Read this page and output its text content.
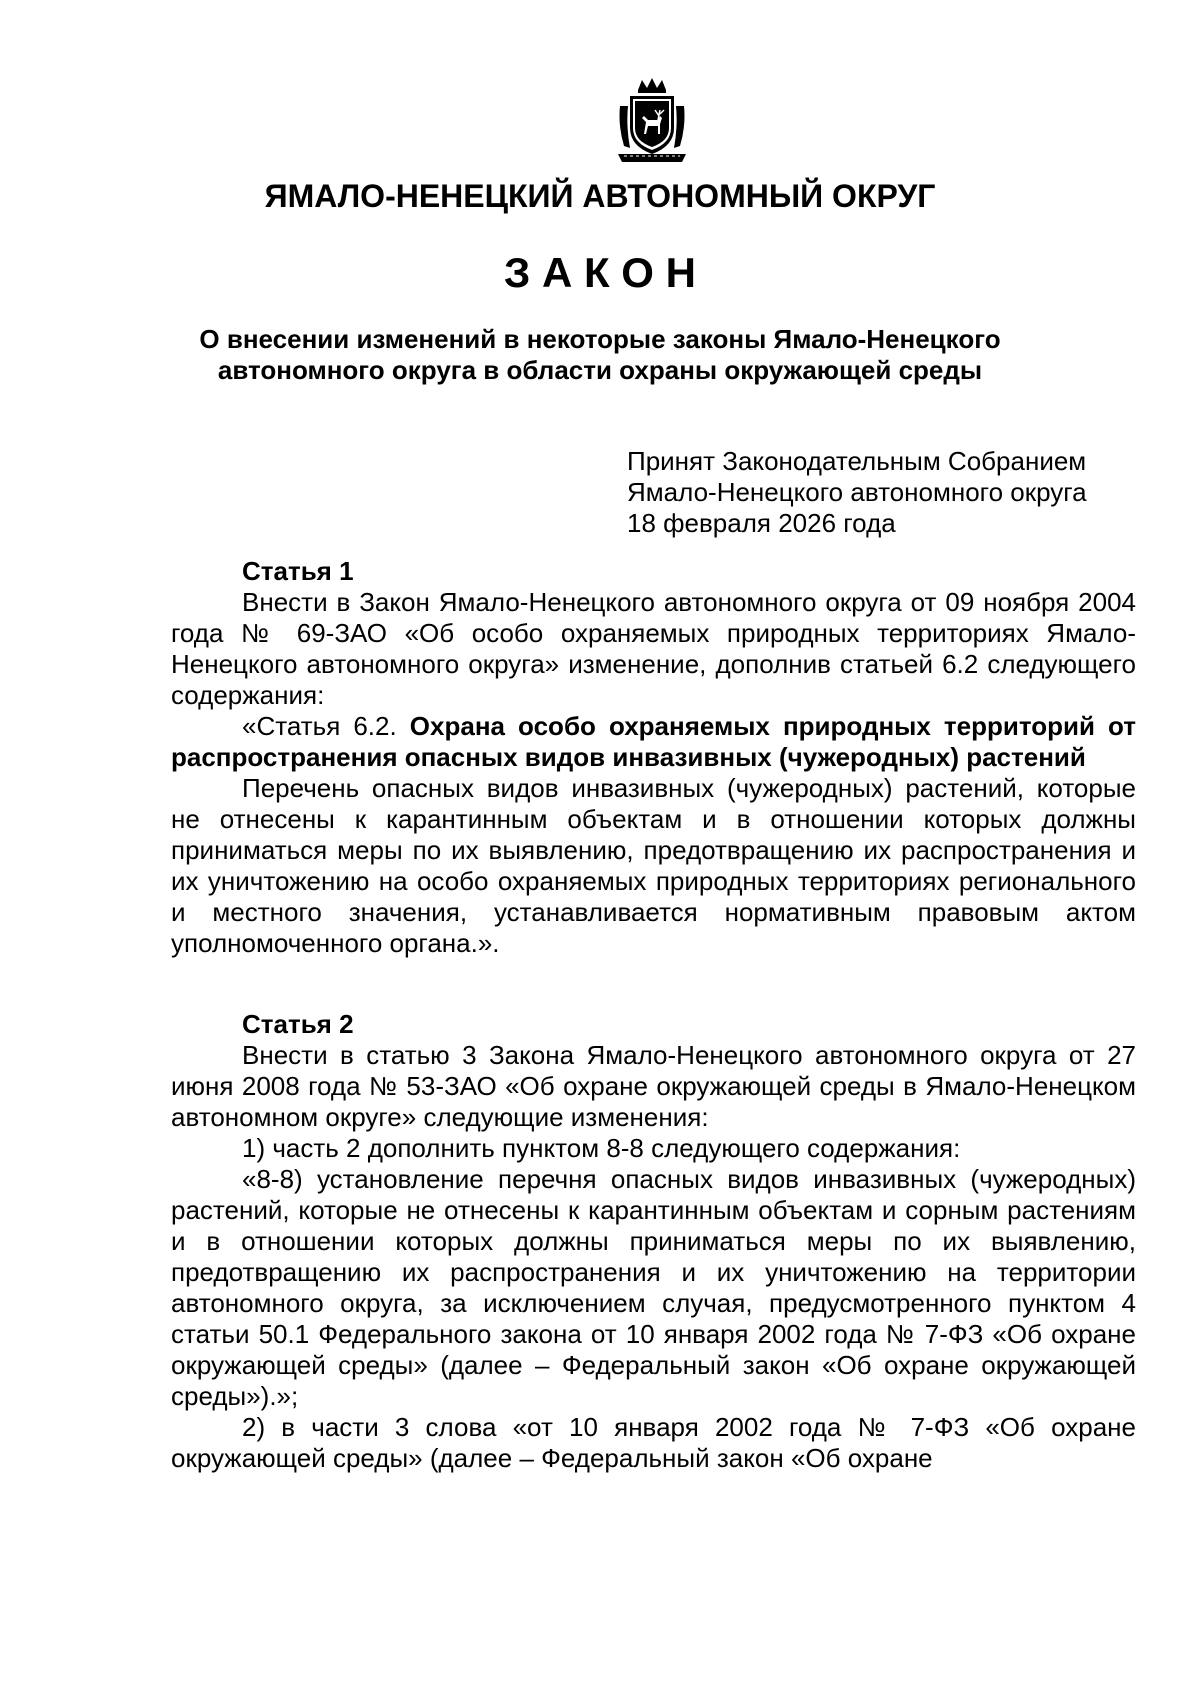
ЯМАЛО-НЕНЕЦКИЙ АВТОНОМНЫЙ ОКРУГ
З А К О Н
О внесении изменений в некоторые законы Ямало-Ненецкого автономного округа в области охраны окружающей среды
Принят Законодательным Собранием
Ямало-Ненецкого автономного округа
18 февраля 2026 года
Статья 1

Внести в Закон Ямало-Ненецкого автономного округа от 09 ноября 2004 года № 69-ЗАО «Об особо охраняемых природных территориях Ямало-Ненецкого автономного округа» изменение, дополнив статьей 6.2 следующего содержания:

«Статья 6.2. Охрана особо охраняемых природных территорий от распространения опасных видов инвазивных (чужеродных) растений

Перечень опасных видов инвазивных (чужеродных) растений, которые не отнесены к карантинным объектам и в отношении которых должны приниматься меры по их выявлению, предотвращению их распространения и их уничтожению на особо охраняемых природных территориях регионального и местного значения, устанавливается нормативным правовым актом уполномоченного органа.».

Статья 2

Внести в статью 3 Закона Ямало-Ненецкого автономного округа от 27 июня 2008 года № 53-ЗАО «Об охране окружающей среды в Ямало-Ненецком автономном округе» следующие изменения:

1) часть 2 дополнить пунктом 8-8 следующего содержания:

«8-8) установление перечня опасных видов инвазивных (чужеродных) растений, которые не отнесены к карантинным объектам и сорным растениям и в отношении которых должны приниматься меры по их выявлению, предотвращению их распространения и их уничтожению на территории автономного округа, за исключением случая, предусмотренного пунктом 4 статьи 50.1 Федерального закона от 10 января 2002 года № 7-ФЗ «Об охране окружающей среды» (далее – Федеральный закон «Об охране окружающей среды»).»;

2) в части 3 слова «от 10 января 2002 года № 7-ФЗ «Об охране окружающей среды» (далее – Федеральный закон «Об охране
